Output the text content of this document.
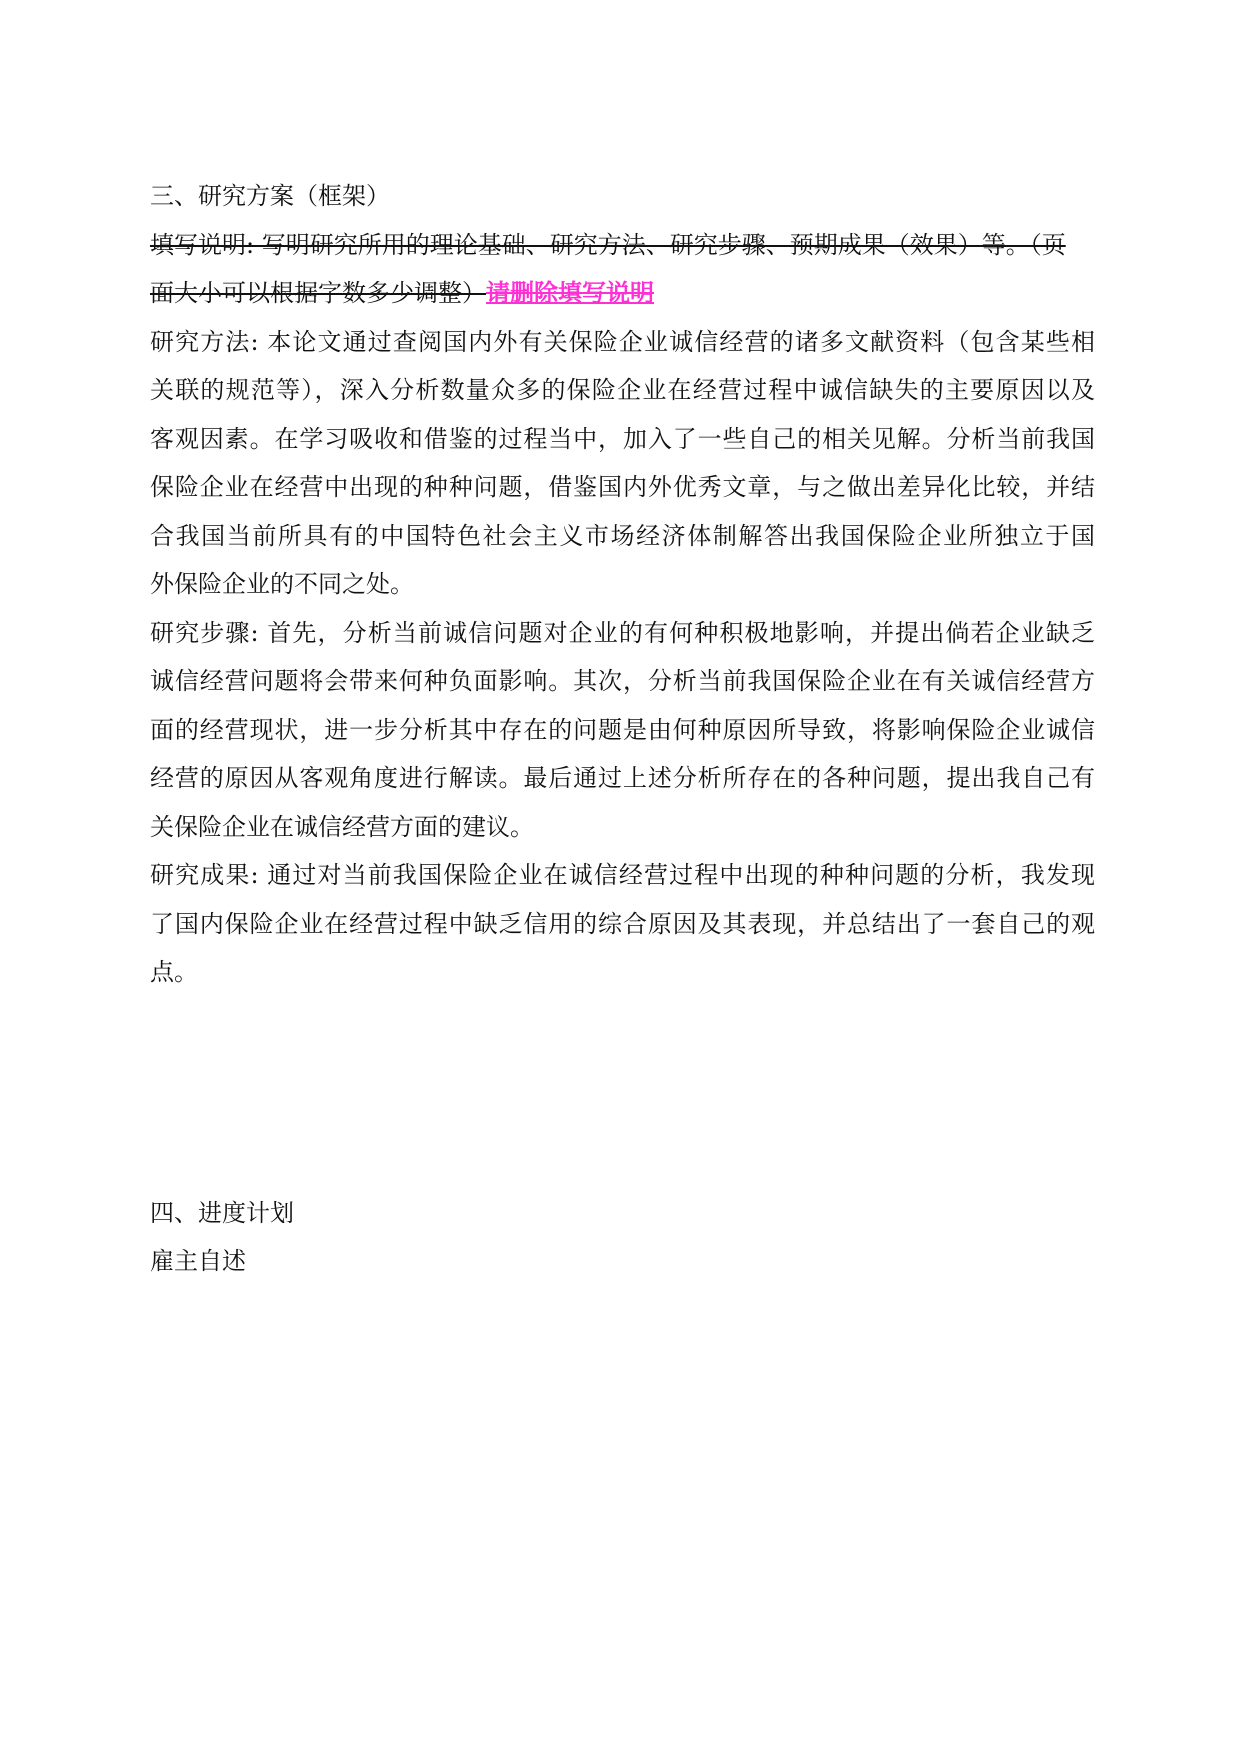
三、研究方案（框架）
填写说明: 写明研究所用的理论基础、研究方法、研究步骤、预期成果（效果）等。（页
面大小可以根据字数多少调整）请删除填写说明
研究方法: 本论文通过查阅国内外有关保险企业诚信经营的诸多文献资料（包含某些相
关联的规范等），深入分析数量众多的保险企业在经营过程中诚信缺失的主要原因以及
客观因素。在学习吸收和借鉴的过程当中，加入了一些自己的相关见解。分析当前我国
保险企业在经营中出现的种种问题，借鉴国内外优秀文章，与之做出差异化比较，并结
合我国当前所具有的中国特色社会主义市场经济体制解答出我国保险企业所独立于国
外保险企业的不同之处。
研究步骤: 首先，分析当前诚信问题对企业的有何种积极地影响，并提出倘若企业缺乏
诚信经营问题将会带来何种负面影响。其次，分析当前我国保险企业在有关诚信经营方
面的经营现状，进一步分析其中存在的问题是由何种原因所导致，将影响保险企业诚信
经营的原因从客观角度进行解读。最后通过上述分析所存在的各种问题，提出我自己有
关保险企业在诚信经营方面的建议。
研究成果: 通过对当前我国保险企业在诚信经营过程中出现的种种问题的分析，我发现
了国内保险企业在经营过程中缺乏信用的综合原因及其表现，并总结出了一套自己的观
点。
四、进度计划
雇主自述
